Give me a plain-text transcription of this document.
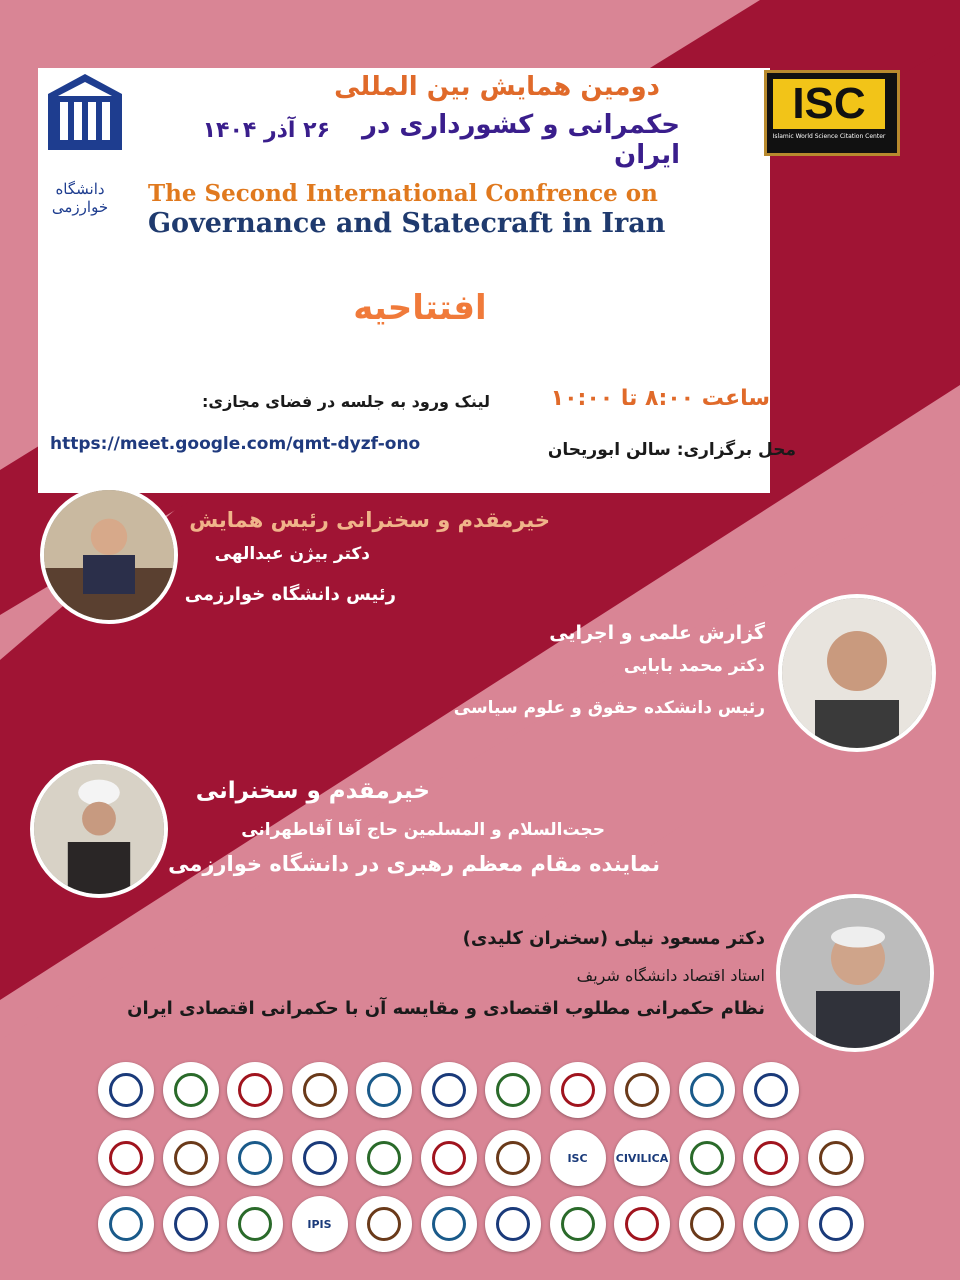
دانشگاه خوارزمی
ISC
Islamic World Science Citation Center
دومین همایش بین المللی
حکمرانی و کشورداری در ایران
۲۶ آذر ۱۴۰۴
The Second International Confrence on
Governance and Statecraft in Iran
افتتاحیه
لینک ورود به جلسه در فضای مجازی:	ساعت ۸:۰۰ تا ۱۰:۰۰
https://meet.google.com/qmt-dyzf-ono	محل برگزاری: سالن ابوریحان
خیرمقدم و سخنرانی رئیس همایش
دکتر بیژن عبدالهی
رئیس دانشگاه خوارزمی
گزارش علمی و اجرایی
دکتر محمد بابایی
رئیس دانشکده حقوق و علوم سیاسی
خیرمقدم و سخنرانی
حجت‌السلام و المسلمین حاج آقا آقاطهرانی
نماینده مقام معظم رهبری در دانشگاه خوارزمی
دکتر مسعود نیلی (سخنران کلیدی)
استاد اقتصاد دانشگاه شریف
نظام حکمرانی مطلوب اقتصادی و مقایسه آن با حکمرانی اقتصادی ایران
ISC	CIVILICA
IPIS
